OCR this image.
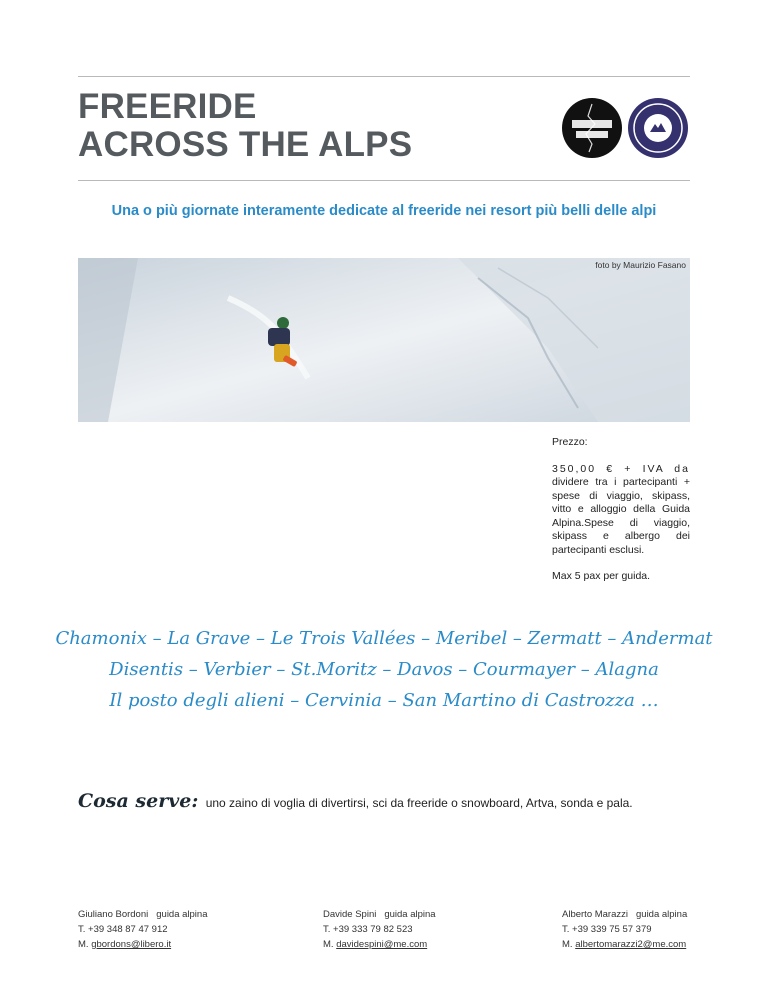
FREERIDE
ACROSS THE ALPS
Una o più giornate interamente dedicate al freeride nei resort più belli delle alpi
foto by Maurizio Fasano

Prezzo:

350,00 € + IVA da dividere tra i partecipanti + spese di viaggio, skipass, vitto e alloggio della Guida Alpina.Spese di viaggio, skipass e albergo dei partecipanti esclusi.

Max 5 pax per guida.

Chamonix – La Grave – Le Trois Vallées – Meribel – Zermatt – Andermat
Disentis – Verbier – St.Moritz – Davos – Courmayer – Alagna
Il posto degli alieni – Cervinia – San Martino di Castrozza …
Cosa serve: uno zaino di voglia di divertirsi, sci da freeride o snowboard, Artva, sonda e pala.
Giuliano Bordoni guida alpina
T. +39 348 87 47 912
M. gbordons@libero.it
Davide Spini guida alpina
T. +39 333 79 82 523
M. davidespini@me.com
Alberto Marazzi guida alpina
T. +39 339 75 57 379
M. albertomarazzi2@me.com
